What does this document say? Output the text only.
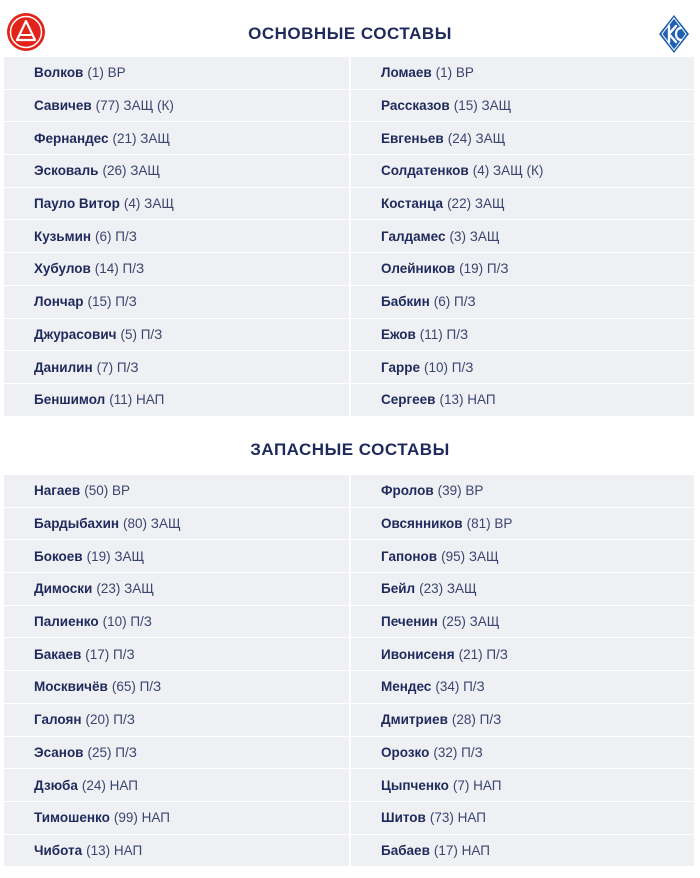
ОСНОВНЫЕ СОСТАВЫ
Волков (1) ВР
Савичев (77) ЗАЩ (К)
Фернандес (21) ЗАЩ
Эсковаль (26) ЗАЩ
Пауло Витор (4) ЗАЩ
Кузьмин (6) П/З
Хубулов (14) П/З
Лончар (15) П/З
Джурасович (5) П/З
Данилин (7) П/З
Беншимол (11) НАП
Ломаев (1) ВР
Рассказов (15) ЗАЩ
Евгеньев (24) ЗАЩ
Солдатенков (4) ЗАЩ (К)
Костанца (22) ЗАЩ
Галдамес (3) ЗАЩ
Олейников (19) П/З
Бабкин (6) П/З
Ежов (11) П/З
Гарре (10) П/З
Сергеев (13) НАП
ЗАПАСНЫЕ СОСТАВЫ
Нагаев (50) ВР
Бардыбахин (80) ЗАЩ
Бокоев (19) ЗАЩ
Димоски (23) ЗАЩ
Палиенко (10) П/З
Бакаев (17) П/З
Москвичёв (65) П/З
Галоян (20) П/З
Эсанов (25) П/З
Дзюба (24) НАП
Тимошенко (99) НАП
Чибота (13) НАП
Фролов (39) ВР
Овсянников (81) ВР
Гапонов (95) ЗАЩ
Бейл (23) ЗАЩ
Печенин (25) ЗАЩ
Ивонисеня (21) П/З
Мендес (34) П/З
Дмитриев (28) П/З
Орозко (32) П/З
Цыпченко (7) НАП
Шитов (73) НАП
Бабаев (17) НАП
